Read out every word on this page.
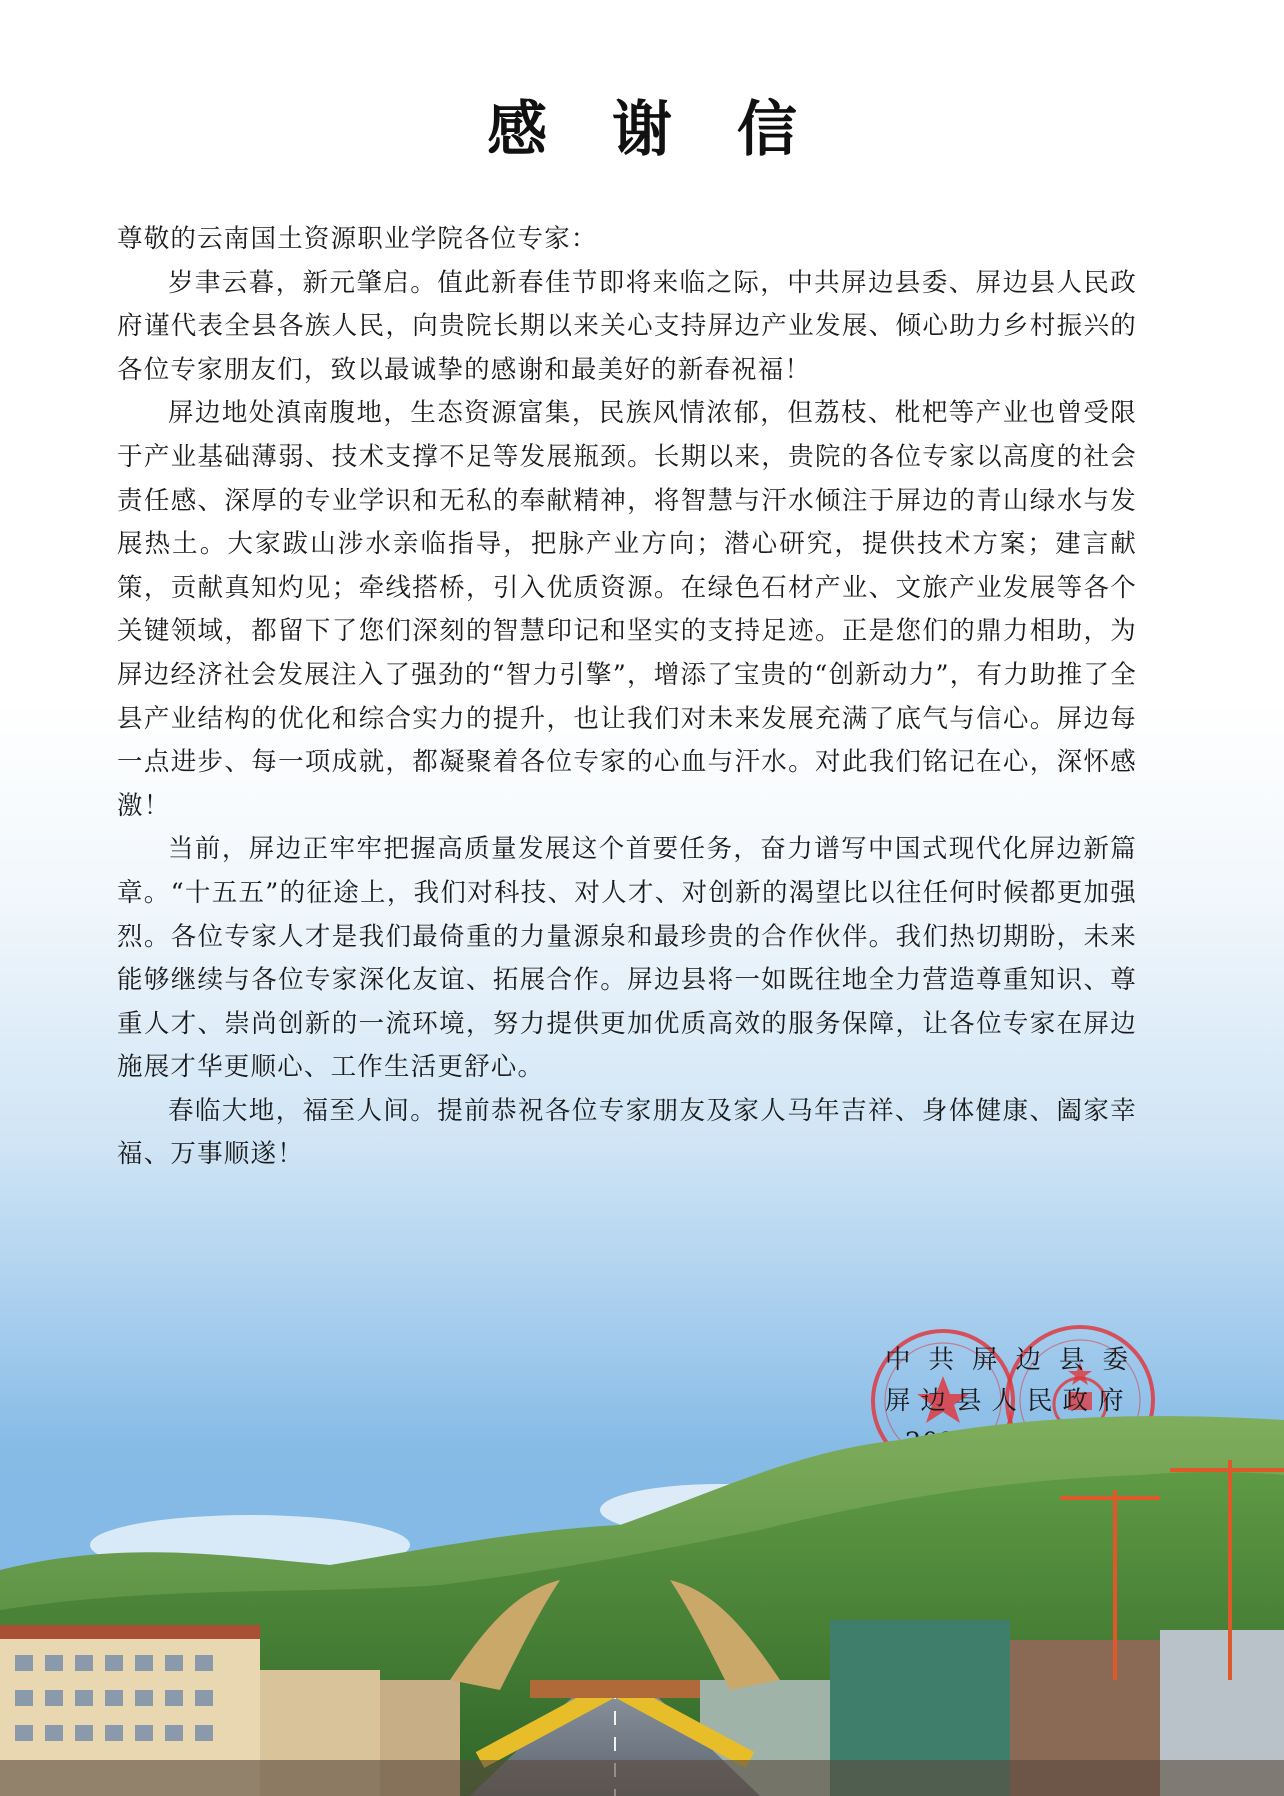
感 谢 信

尊敬的云南国土资源职业学院各位专家：

岁聿云暮，新元肇启。值此新春佳节即将来临之际，中共屏边县委、屏边县人民政府谨代表全县各族人民，向贵院长期以来关心支持屏边产业发展、倾心助力乡村振兴的各位专家朋友们，致以最诚挚的感谢和最美好的新春祝福！

屏边地处滇南腹地，生态资源富集，民族风情浓郁，但荔枝、枇杷等产业也曾受限于产业基础薄弱、技术支撑不足等发展瓶颈。长期以来，贵院的各位专家以高度的社会责任感、深厚的专业学识和无私的奉献精神，将智慧与汗水倾注于屏边的青山绿水与发展热土。大家跋山涉水亲临指导，把脉产业方向；潜心研究，提供技术方案；建言献策，贡献真知灼见；牵线搭桥，引入优质资源。在绿色石材产业、文旅产业发展等各个关键领域，都留下了您们深刻的智慧印记和坚实的支持足迹。正是您们的鼎力相助，为屏边经济社会发展注入了强劲的“智力引擎”，增添了宝贵的“创新动力”，有力助推了全县产业结构的优化和综合实力的提升，也让我们对未来发展充满了底气与信心。屏边每一点进步、每一项成就，都凝聚着各位专家的心血与汗水。对此我们铭记在心，深怀感激！

当前，屏边正牢牢把握高质量发展这个首要任务，奋力谱写中国式现代化屏边新篇章。“十五五”的征途上，我们对科技、对人才、对创新的渴望比以往任何时候都更加强烈。各位专家人才是我们最倚重的力量源泉和最珍贵的合作伙伴。我们热切期盼，未来能够继续与各位专家深化友谊、拓展合作。屏边县将一如既往地全力营造尊重知识、尊重人才、崇尚创新的一流环境，努力提供更加优质高效的服务保障，让各位专家在屏边施展才华更顺心、工作生活更舒心。

春临大地，福至人间。提前恭祝各位专家朋友及家人马年吉祥、身体健康、阖家幸福、万事顺遂！

中共屏边县委
屏边县人民政府
